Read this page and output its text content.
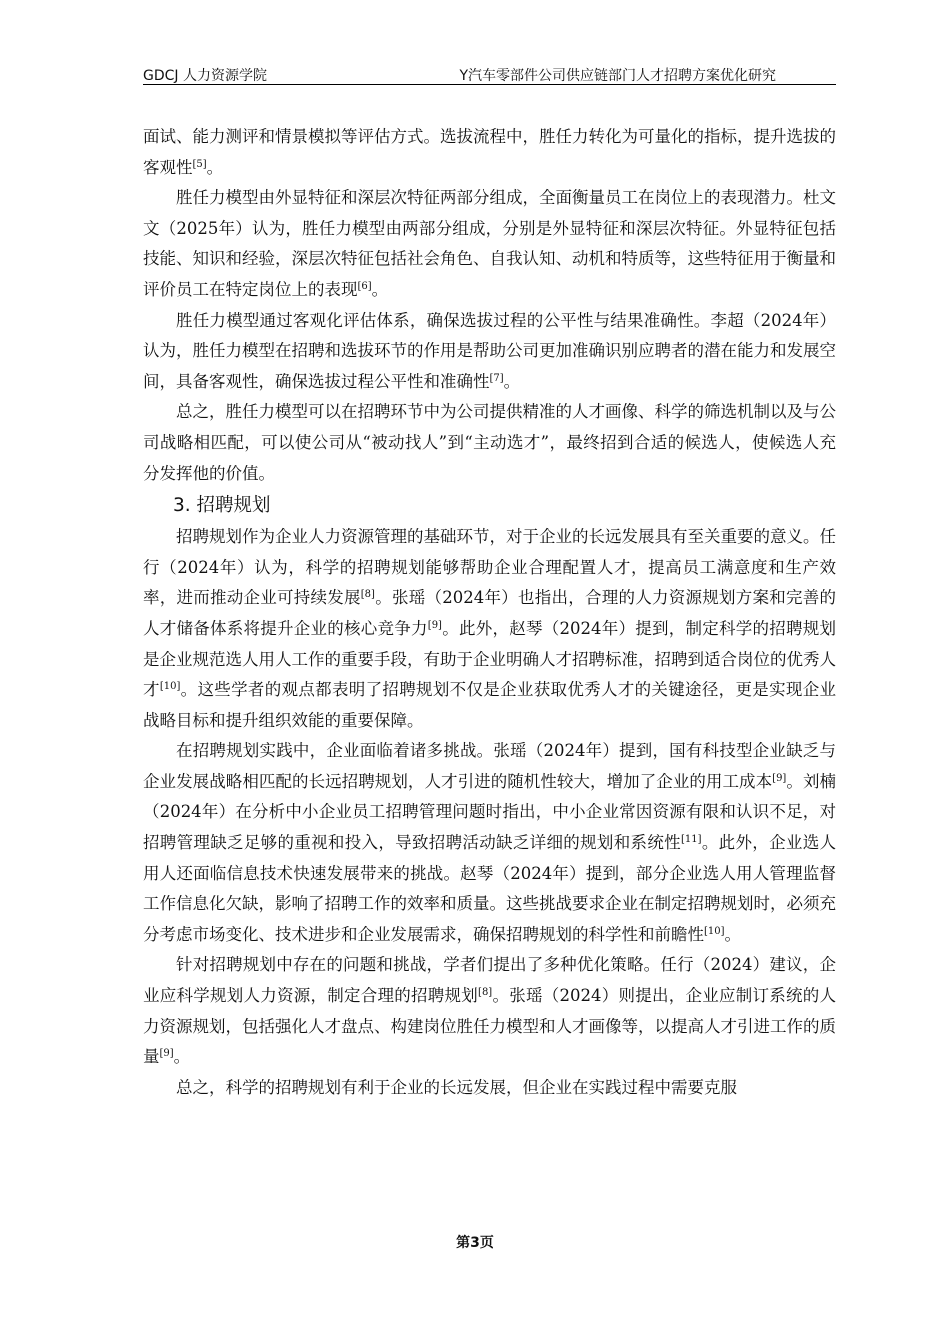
GDCJ 人力资源学院	Y汽车零部件公司供应链部门人才招聘方案优化研究

面试、能力测评和情景模拟等评估方式。选拔流程中，胜任力转化为可量化的指标，提升选拔的客观性[5]。

胜任力模型由外显特征和深层次特征两部分组成，全面衡量员工在岗位上的表现潜力。杜文文（2025年）认为，胜任力模型由两部分组成，分别是外显特征和深层次特征。外显特征包括技能、知识和经验，深层次特征包括社会角色、自我认知、动机和特质等，这些特征用于衡量和评价员工在特定岗位上的表现[6]。

胜任力模型通过客观化评估体系，确保选拔过程的公平性与结果准确性。李超（2024年）认为，胜任力模型在招聘和选拔环节的作用是帮助公司更加准确识别应聘者的潜在能力和发展空间，具备客观性，确保选拔过程公平性和准确性[7]。

总之，胜任力模型可以在招聘环节中为公司提供精准的人才画像、科学的筛选机制以及与公司战略相匹配，可以使公司从“被动找人”到“主动选才”，最终招到合适的候选人，使候选人充分发挥他的价值。

3. 招聘规划

招聘规划作为企业人力资源管理的基础环节，对于企业的长远发展具有至关重要的意义。任行（2024年）认为，科学的招聘规划能够帮助企业合理配置人才，提高员工满意度和生产效率，进而推动企业可持续发展[8]。张瑶（2024年）也指出，合理的人力资源规划方案和完善的人才储备体系将提升企业的核心竞争力[9]。此外，赵琴（2024年）提到，制定科学的招聘规划是企业规范选人用人工作的重要手段，有助于企业明确人才招聘标准，招聘到适合岗位的优秀人才[10]。这些学者的观点都表明了招聘规划不仅是企业获取优秀人才的关键途径，更是实现企业战略目标和提升组织效能的重要保障。

在招聘规划实践中，企业面临着诸多挑战。张瑶（2024年）提到，国有科技型企业缺乏与企业发展战略相匹配的长远招聘规划，人才引进的随机性较大，增加了企业的用工成本[9]。刘楠（2024年）在分析中小企业员工招聘管理问题时指出，中小企业常因资源有限和认识不足，对招聘管理缺乏足够的重视和投入，导致招聘活动缺乏详细的规划和系统性[11]。此外，企业选人用人还面临信息技术快速发展带来的挑战。赵琴（2024年）提到，部分企业选人用人管理监督工作信息化欠缺，影响了招聘工作的效率和质量。这些挑战要求企业在制定招聘规划时，必须充分考虑市场变化、技术进步和企业发展需求，确保招聘规划的科学性和前瞻性[10]。

针对招聘规划中存在的问题和挑战，学者们提出了多种优化策略。任行（2024）建议，企业应科学规划人力资源，制定合理的招聘规划[8]。张瑶（2024）则提出，企业应制订系统的人力资源规划，包括强化人才盘点、构建岗位胜任力模型和人才画像等，以提高人才引进工作的质量[9]。

总之，科学的招聘规划有利于企业的长远发展，但企业在实践过程中需要克服

第3页
